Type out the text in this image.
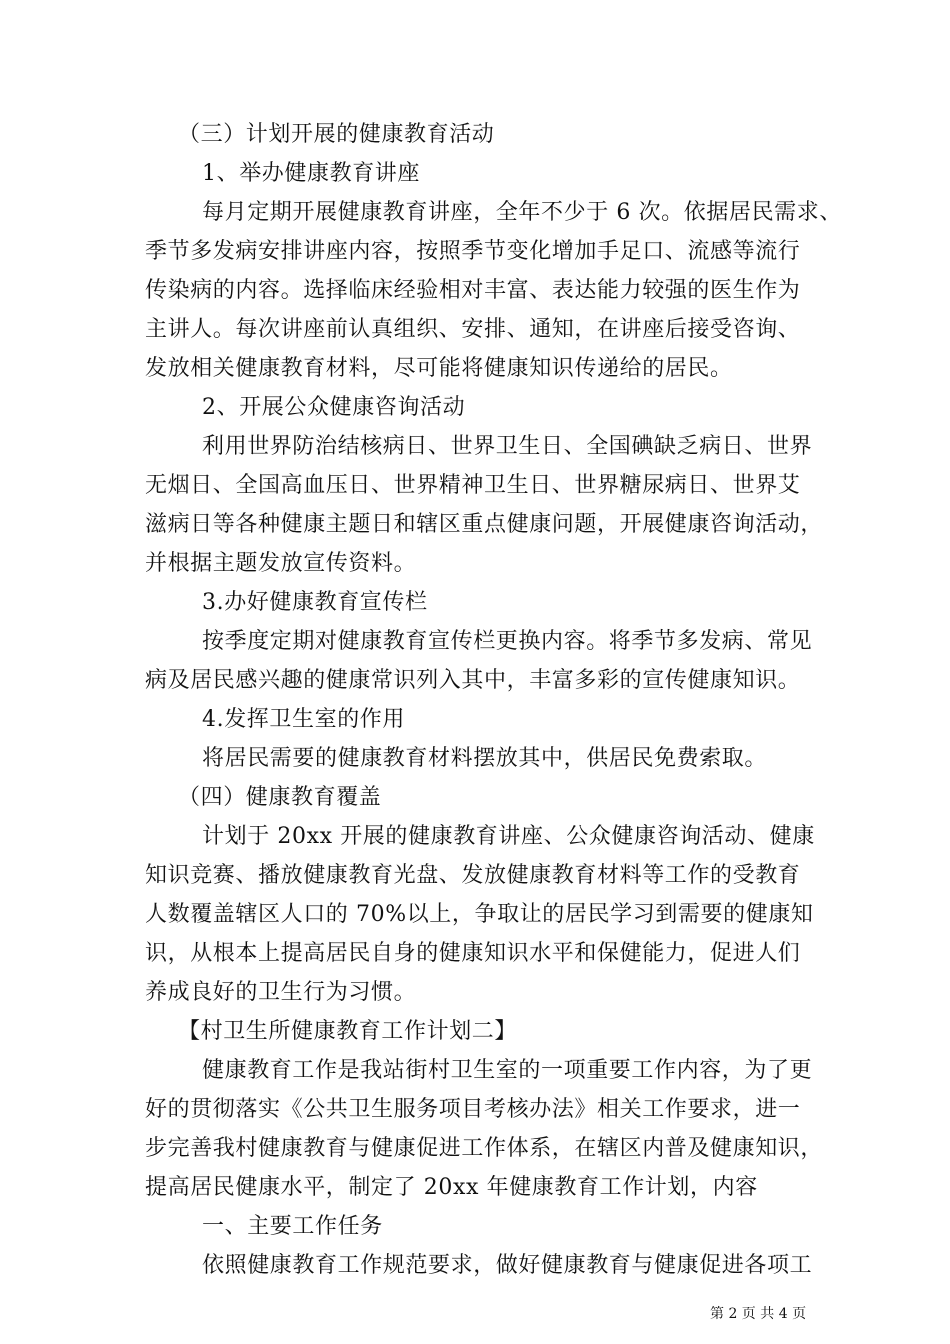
（三）计划开展的健康教育活动
1、举办健康教育讲座
每月定期开展健康教育讲座，全年不少于 6 次。依据居民需求、
季节多发病安排讲座内容，按照季节变化增加手足口、流感等流行
传染病的内容。选择临床经验相对丰富、表达能力较强的医生作为
主讲人。每次讲座前认真组织、安排、通知，在讲座后接受咨询、
发放相关健康教育材料，尽可能将健康知识传递给的居民。
2、开展公众健康咨询活动
利用世界防治结核病日、世界卫生日、全国碘缺乏病日、世界
无烟日、全国高血压日、世界精神卫生日、世界糖尿病日、世界艾
滋病日等各种健康主题日和辖区重点健康问题，开展健康咨询活动，
并根据主题发放宣传资料。
3.办好健康教育宣传栏
按季度定期对健康教育宣传栏更换内容。将季节多发病、常见
病及居民感兴趣的健康常识列入其中，丰富多彩的宣传健康知识。
4.发挥卫生室的作用
将居民需要的健康教育材料摆放其中，供居民免费索取。
（四）健康教育覆盖
计划于 20xx 开展的健康教育讲座、公众健康咨询活动、健康
知识竞赛、播放健康教育光盘、发放健康教育材料等工作的受教育
人数覆盖辖区人口的 70%以上，争取让的居民学习到需要的健康知
识，从根本上提高居民自身的健康知识水平和保健能力，促进人们
养成良好的卫生行为习惯。
【村卫生所健康教育工作计划二】
健康教育工作是我站街村卫生室的一项重要工作内容，为了更
好的贯彻落实《公共卫生服务项目考核办法》相关工作要求，进一
步完善我村健康教育与健康促进工作体系，在辖区内普及健康知识，
提高居民健康水平，制定了 20xx 年健康教育工作计划，内容
一、主要工作任务
依照健康教育工作规范要求，做好健康教育与健康促进各项工
第 2 页 共 4 页
